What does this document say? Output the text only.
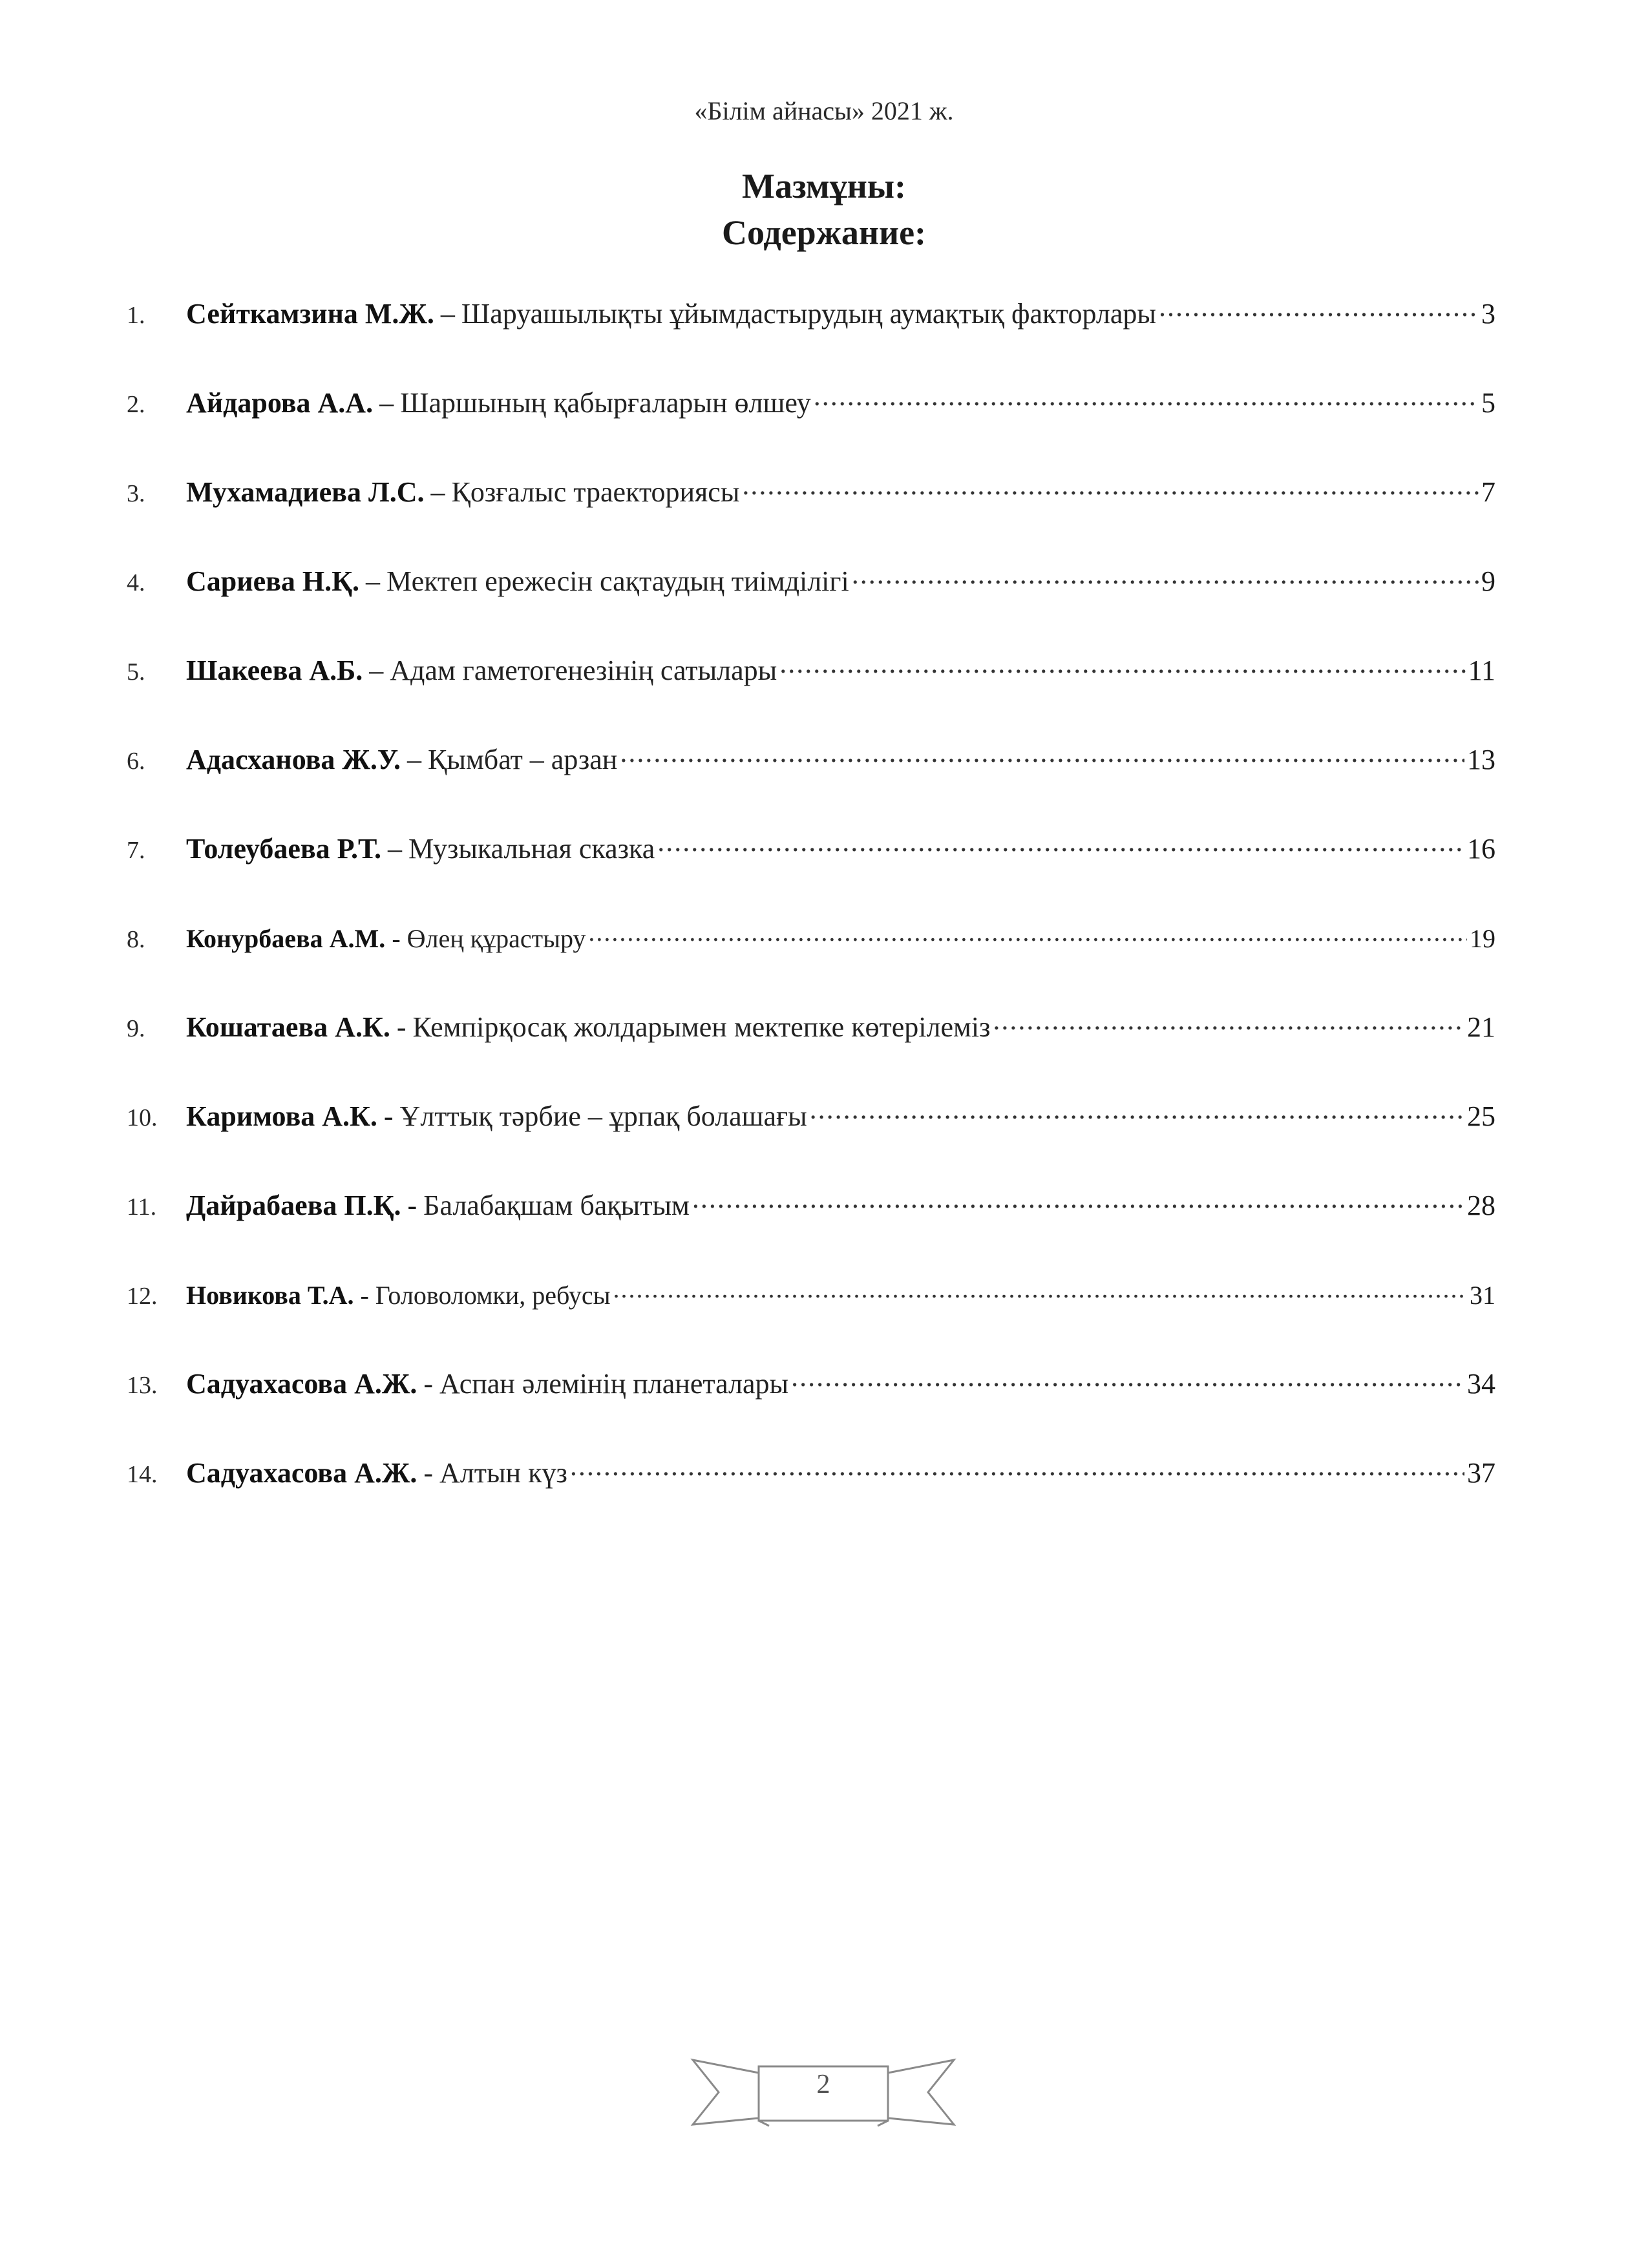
«Білім айнасы» 2021 ж.
Мазмұны:
Содержание:
1.	Сейткамзина М.Ж. – Шаруашылықты ұйымдастырудың аумақтық факторлары .....	3
2.	Айдарова А.А. – Шаршының қабырғаларын өлшеу .....	5
3.	Мухамадиева Л.С. – Қозғалыс траекториясы .....	7
4.	Сариева Н.Қ. – Мектеп ережесін сақтаудың тиімділігі .....	9
5.	Шакеева А.Б. – Адам гаметогенезінің сатылары .....	11
6.	Адасханова Ж.У. – Қымбат – арзан .....	13
7.	Толеубаева Р.Т. – Музыкальная сказка .....	16
8.	Конурбаева А.М. - Өлең құрастыру .....	19
9.	Кошатаева А.К. - Кемпірқосақ жолдарымен мектепке көтерілеміз .....	21
10.	Каримова А.К. - Ұлттық тәрбие – ұрпақ болашағы .....	25
11.	Дайрабаева П.Қ. - Балабақшам бақытым .....	28
12.	Новикова Т.А. - Головоломки, ребусы .....	31
13.	Садуахасова А.Ж. - Аспан әлемінің планеталары .....	34
14.	Садуахасова А.Ж. - Алтын күз .....	37
2
